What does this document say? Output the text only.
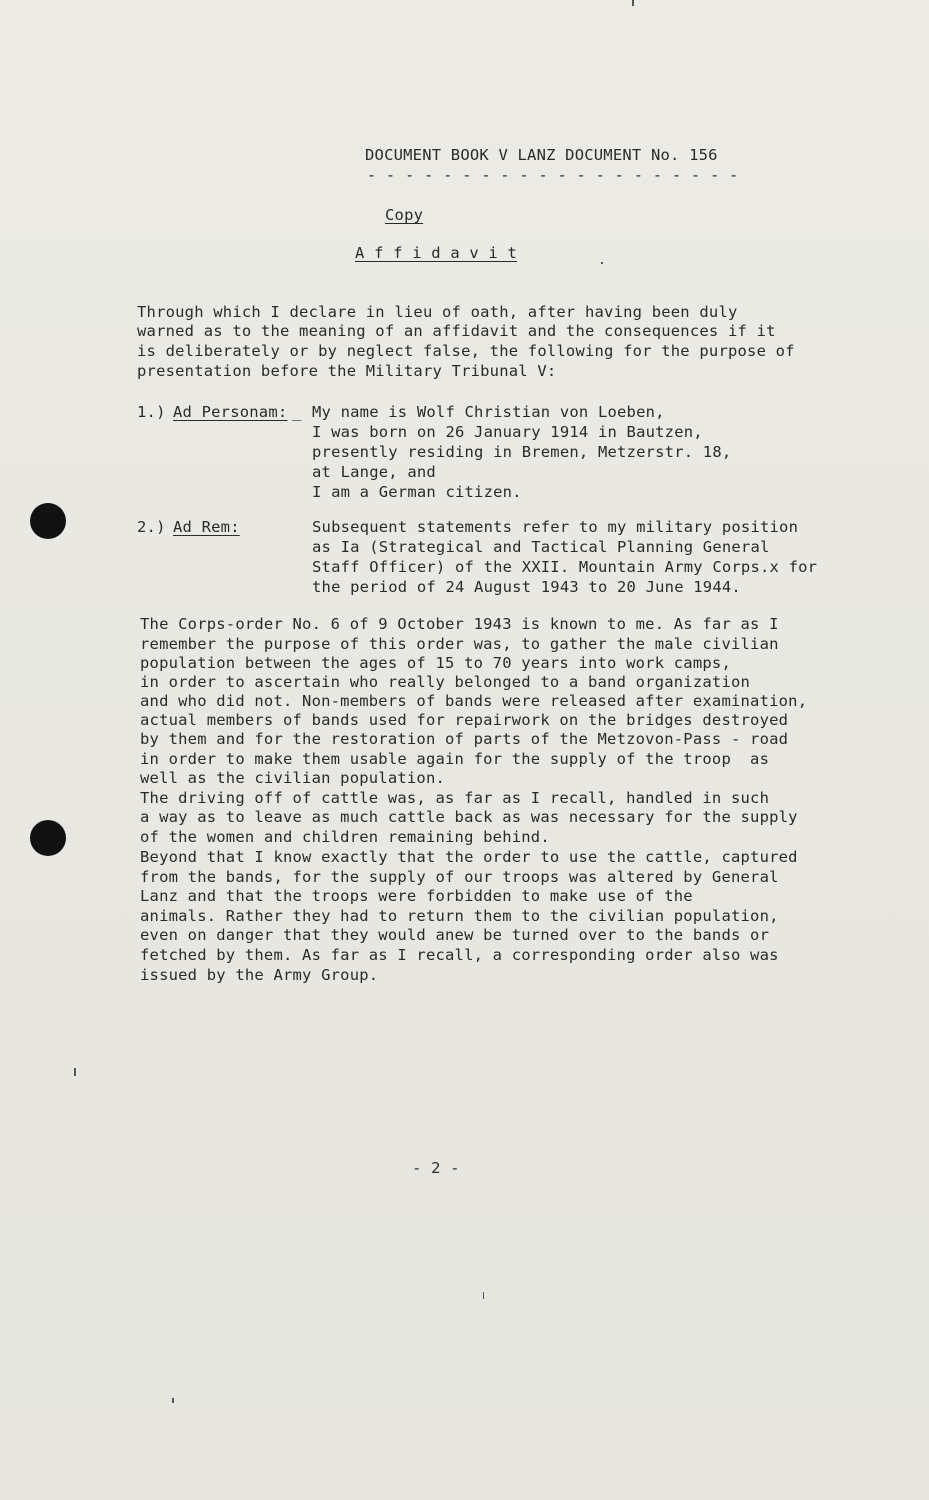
DOCUMENT BOOK V LANZ DOCUMENT No. 156
- - - - - - - - - - - - - - - - - - - -
Copy
A f f i d a v i t
Through which I declare in lieu of oath, after having been duly
warned as to the meaning of an affidavit and the consequences if it
is deliberately or by neglect false, the following for the purpose of
presentation before the Military Tribunal V:
1.) Ad Personam: _ My name is Wolf Christian von Loeben,
I was born on 26 January 1914 in Bautzen,
presently residing in Bremen, Metzerstr. 18,
at Lange, and
I am a German citizen.
2.) Ad Rem:	Subsequent statements refer to my military position
as Ia (Strategical and Tactical Planning General
Staff Officer) of the XXII. Mountain Army Corps.x for
the period of 24 August 1943 to 20 June 1944.
The Corps-order No. 6 of 9 October 1943 is known to me. As far as I
remember the purpose of this order was, to gather the male civilian
population between the ages of 15 to 70 years into work camps,
in order to ascertain who really belonged to a band organization
and who did not. Non-members of bands were released after examination,
actual members of bands used for repairwork on the bridges destroyed
by them and for the restoration of parts of the Metzovon-Pass - road
in order to make them usable again for the supply of the troop  as
well as the civilian population.
The driving off of cattle was, as far as I recall, handled in such
a way as to leave as much cattle back as was necessary for the supply
of the women and children remaining behind.
Beyond that I know exactly that the order to use the cattle, captured
from the bands, for the supply of our troops was altered by General
Lanz and that the troops were forbidden to make use of the
animals. Rather they had to return them to the civilian population,
even on danger that they would anew be turned over to the bands or
fetched by them. As far as I recall, a corresponding order also was
issued by the Army Group.
- 2 -
